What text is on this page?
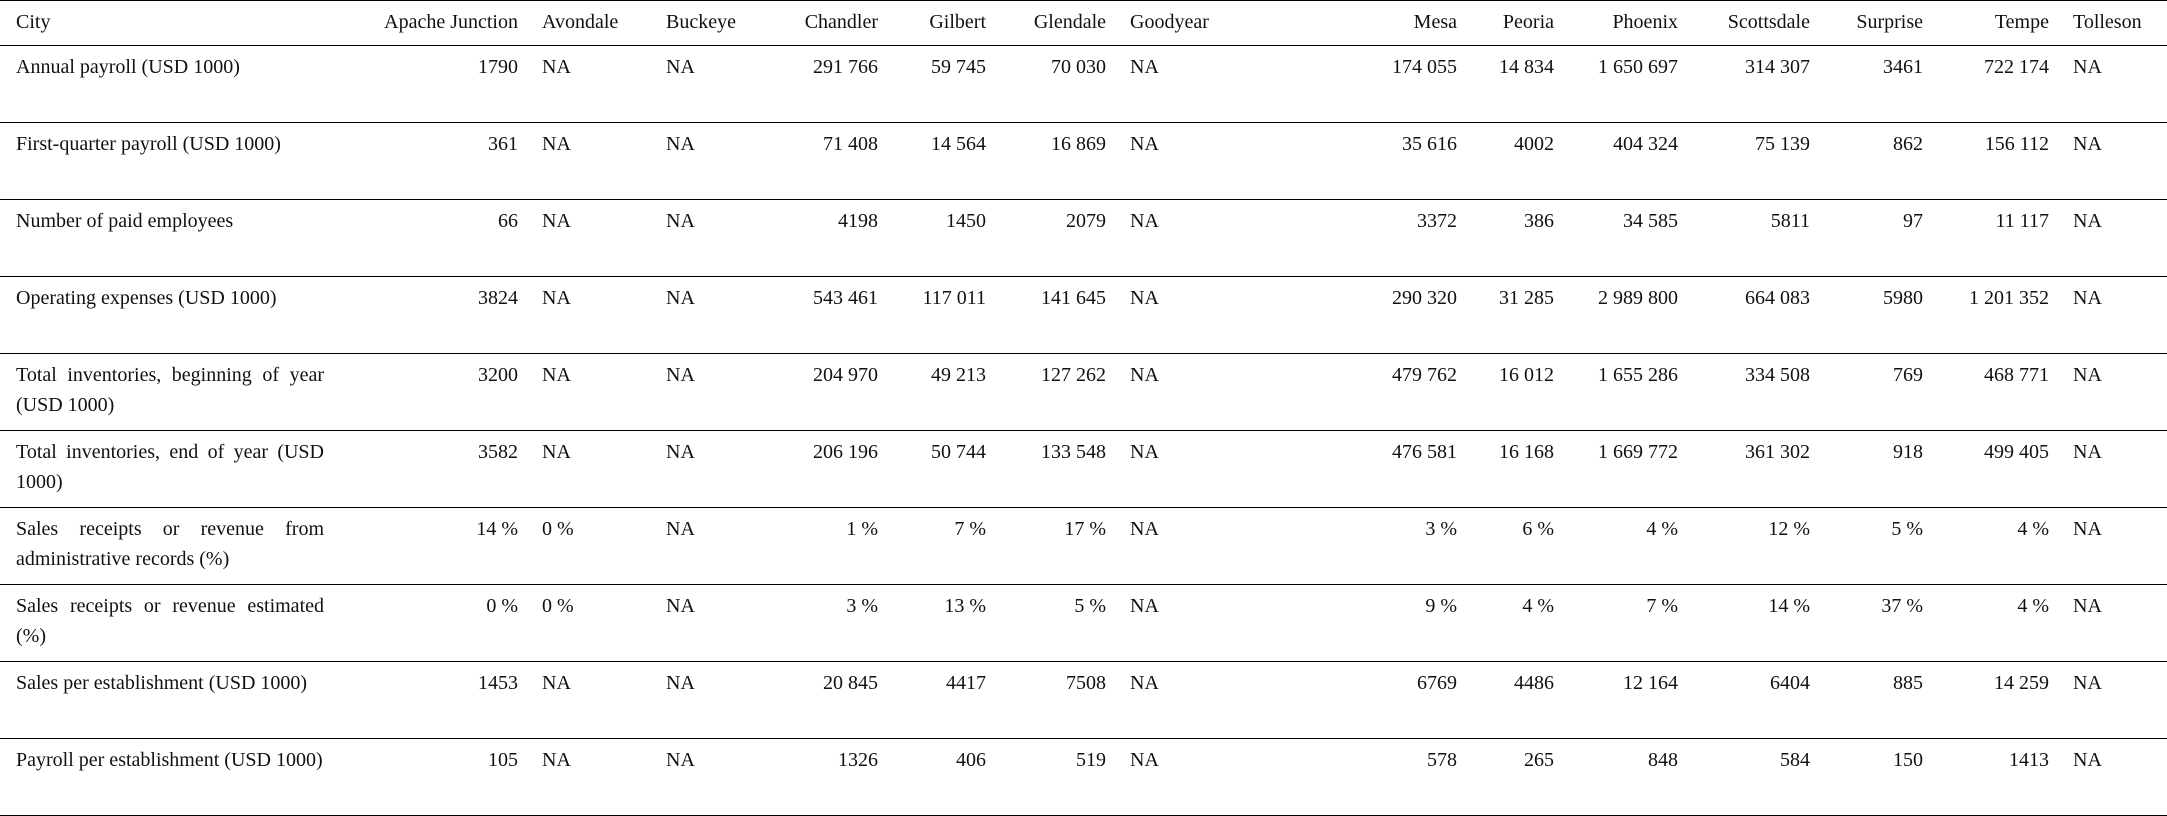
City	Apache Junction	Avondale	Buckeye	Chandler	Gilbert	Glendale	Goodyear	Mesa	Peoria	Phoenix	Scottsdale	Surprise	Tempe	Tolleson
Annual payroll (USD 1000)	1790	NA	NA	291 766	59 745	70 030	NA	174 055	14 834	1 650 697	314 307	3461	722 174	NA
First-quarter payroll (USD 1000)	361	NA	NA	71 408	14 564	16 869	NA	35 616	4002	404 324	75 139	862	156 112	NA
Number of paid employees	66	NA	NA	4198	1450	2079	NA	3372	386	34 585	5811	97	11 117	NA
Operating expenses (USD 1000)	3824	NA	NA	543 461	117 011	141 645	NA	290 320	31 285	2 989 800	664 083	5980	1 201 352	NA
Total inventories, beginning of year (USD 1000)	3200	NA	NA	204 970	49 213	127 262	NA	479 762	16 012	1 655 286	334 508	769	468 771	NA
Total inventories, end of year (USD 1000)	3582	NA	NA	206 196	50 744	133 548	NA	476 581	16 168	1 669 772	361 302	918	499 405	NA
Sales receipts or revenue from administrative records (%)	14 %	0 %	NA	1 %	7 %	17 %	NA	3 %	6 %	4 %	12 %	5 %	4 %	NA
Sales receipts or revenue estimated (%)	0 %	0 %	NA	3 %	13 %	5 %	NA	9 %	4 %	7 %	14 %	37 %	4 %	NA
Sales per establishment (USD 1000)	1453	NA	NA	20 845	4417	7508	NA	6769	4486	12 164	6404	885	14 259	NA
Payroll per establishment (USD 1000)	105	NA	NA	1326	406	519	NA	578	265	848	584	150	1413	NA
